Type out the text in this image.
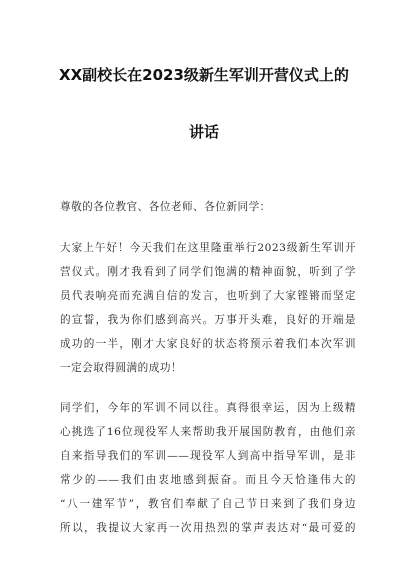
XX副校长在2023级新生军训开营仪式上的
讲话
尊敬的各位教官、各位老师、各位新同学：
大家上午好！今天我们在这里隆重举行2023级新生军训开
营仪式。刚才我看到了同学们饱满的精神面貌，听到了学
员代表响亮而充满自信的发言，也听到了大家铿锵而坚定
的宣誓，我为你们感到高兴。万事开头难，良好的开端是
成功的一半，刚才大家良好的状态将预示着我们本次军训
一定会取得圆满的成功！
同学们，今年的军训不同以往。真得很幸运，因为上级精
心挑选了16位现役军人来帮助我开展国防教育，由他们亲
自来指导我们的军训——现役军人到高中指导军训，是非
常少的——我们由衷地感到振奋。而且今天恰逢伟大的
“八一建军节”，教官们奉献了自己节日来到了我们身边
所以，我提议大家再一次用热烈的掌声表达对“最可爱的
